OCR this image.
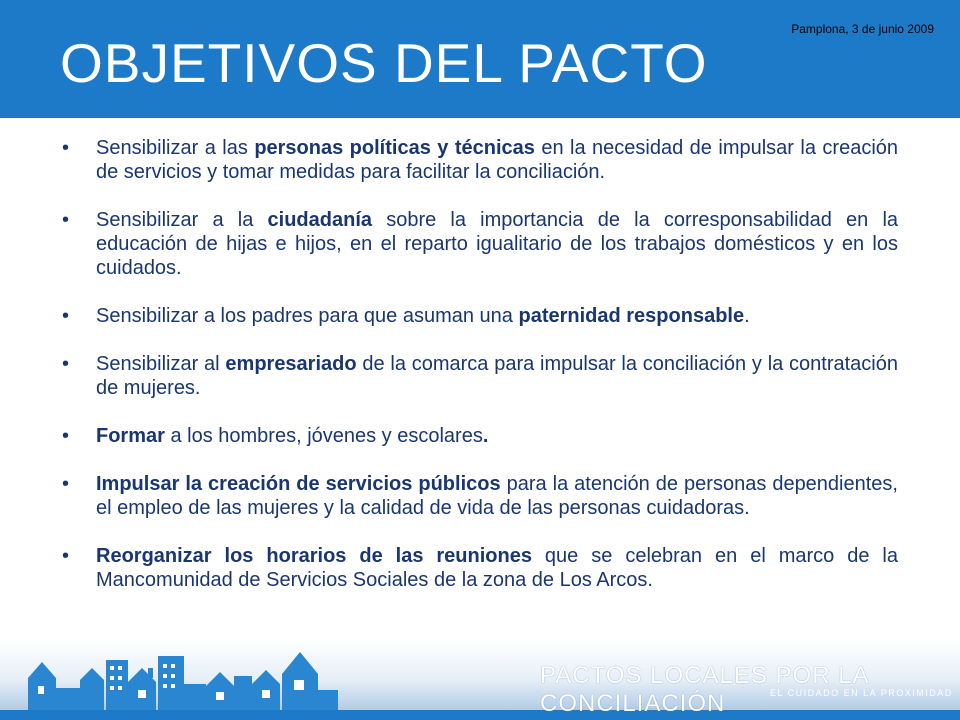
Pamplona, 3 de junio 2009
OBJETIVOS DEL PACTO
• Sensibilizar a las personas políticas y técnicas en la necesidad de impulsar la creación de servicios y tomar medidas para facilitar la conciliación.
• Sensibilizar a la ciudadanía sobre la importancia de la corresponsabilidad en la educación de hijas e hijos, en el reparto igualitario de los trabajos domésticos y en los cuidados.
• Sensibilizar a los padres para que asuman una paternidad responsable.
• Sensibilizar al empresariado de la comarca para impulsar la conciliación y la contratación de mujeres.
• Formar a los hombres, jóvenes y escolares.
• Impulsar la creación de servicios públicos para la atención de personas dependientes, el empleo de las mujeres y la calidad de vida de las personas cuidadoras.
• Reorganizar los horarios de las reuniones que se celebran en el marco de la Mancomunidad de Servicios Sociales de la zona de Los Arcos.
PACTOS LOCALES POR LA CONCILIACIÓN	EL CUIDADO EN LA PROXIMIDAD
